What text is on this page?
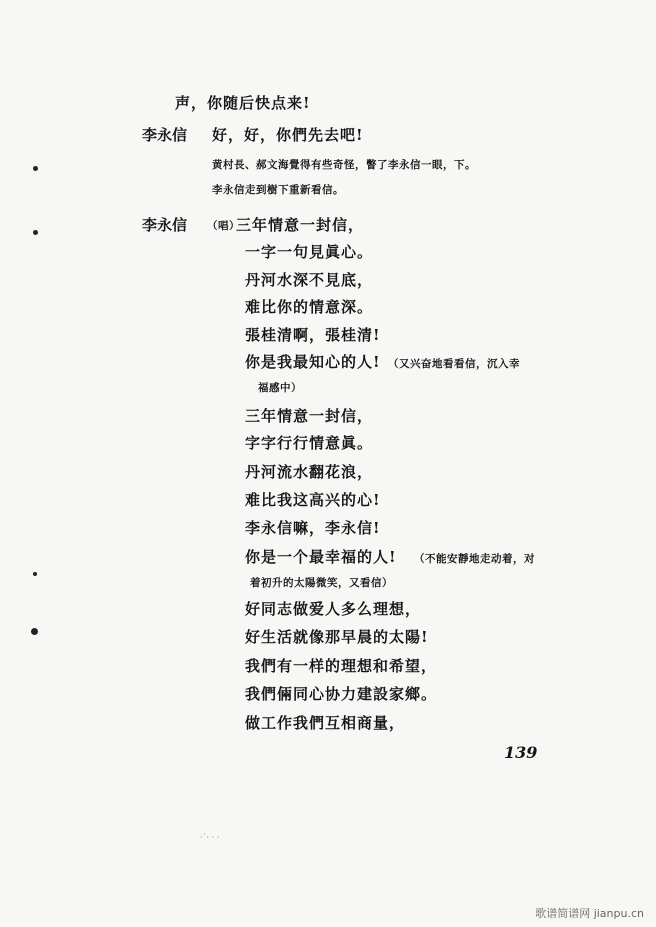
声，你随后快点来!
李永信 好，好，你們先去吧!
黄村長、郝文海覺得有些奇怪，瞥了李永信一眼，下。
李永信走到樹下重新看信。
李永信 （唱）
三年情意一封信，
一字一句見眞心。
丹河水深不見底，
难比你的情意深。
張桂清啊，張桂清!
你是我最知心的人! （又兴奋地看看信，沉入幸
福感中）
三年情意一封信，
字字行行情意眞。
丹河流水翻花浪，
难比我这高兴的心!
李永信嘛，李永信!
你是一个最幸福的人! （不能安靜地走动着，对
着初升的太陽微笑，又看信）
好同志做爱人多么理想，
好生活就像那早晨的太陽!
我們有一样的理想和希望，
我們倆同心协力建設家鄉。
做工作我們互相商量，
139
·˙· · ·
歌谱简谱网 jianpu.cn
